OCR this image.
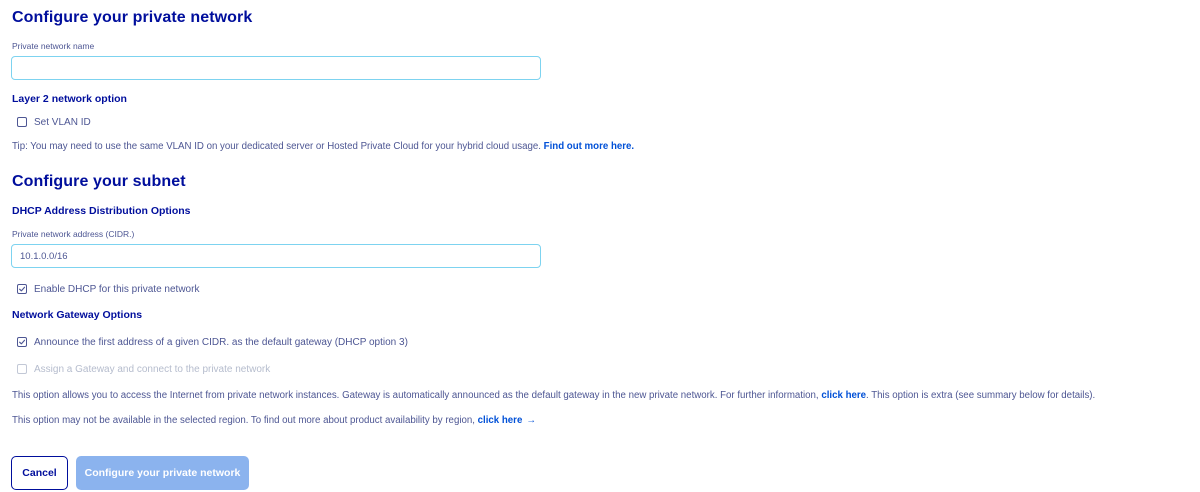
Configure your private network
Private network name
Layer 2 network option
Set VLAN ID
Tip: You may need to use the same VLAN ID on your dedicated server or Hosted Private Cloud for your hybrid cloud usage. Find out more here.
Configure your subnet
DHCP Address Distribution Options
Private network address (CIDR.)
10.1.0.0/16
Enable DHCP for this private network
Network Gateway Options
Announce the first address of a given CIDR. as the default gateway (DHCP option 3)
Assign a Gateway and connect to the private network
This option allows you to access the Internet from private network instances. Gateway is automatically announced as the default gateway in the new private network. For further information, click here. This option is extra (see summary below for details).
This option may not be available in the selected region. To find out more about product availability by region, click here →
Cancel	Configure your private network
